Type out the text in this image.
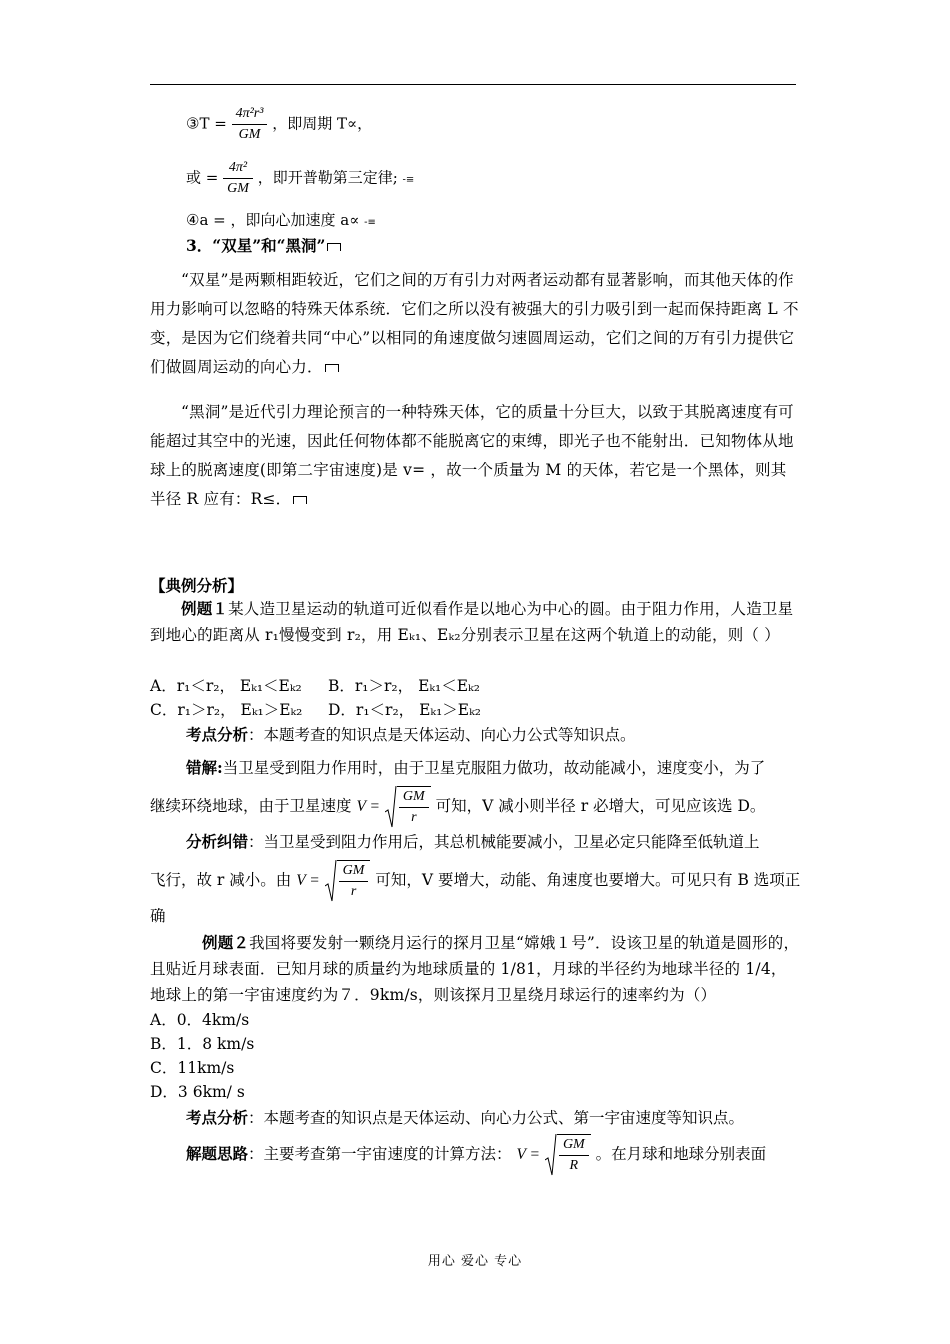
③T = $\frac{\text{4π²r³}}{GM}$ ，即周期 T∝，
或 = $\frac{\text{4π²}}{GM}$ ，即开普勒第三定律; -≡
④a = ，即向心加速度 a∝ -≡
3．“双星”和“黑洞”
“双星”是两颗相距较近，它们之间的万有引力对两者运动都有显著影响，而其他天体的作用力影响可以忽略的特殊天体系统．它们之所以没有被强大的引力吸引到一起而保持距离 L 不变，是因为它们绕着共同“中心”以相同的角速度做匀速圆周运动，它们之间的万有引力提供它们做圆周运动的向心力．
“黑洞”是近代引力理论预言的一种特殊天体，它的质量十分巨大，以致于其脱离速度有可能超过其空中的光速，因此任何物体都不能脱离它的束缚，即光子也不能射出．已知物体从地球上的脱离速度(即第二宇宙速度)是 v= ，故一个质量为 M 的天体，若它是一个黑体，则其半径 R 应有：R≤．
【典例分析】
例题１某人造卫星运动的轨道可近似看作是以地心为中心的圆。由于阻力作用，人造卫星到地心的距离从 r₁慢慢变到 r₂，用 Eₖ₁、Eₖ₂分别表示卫星在这两个轨道上的动能，则（ ）
A．r₁＜r₂， Eₖ₁＜Eₖ₂ B．r₁＞r₂， Eₖ₁＜Eₖ₂
C．r₁＞r₂， Eₖ₁＞Eₖ₂ D．r₁＜r₂， Eₖ₁＞Eₖ₂
考点分析：本题考查的知识点是天体运动、向心力公式等知识点。
错解:当卫星受到阻力作用时，由于卫星克服阻力做功，故动能减小，速度变小，为了
继续环绕地球，由于卫星速度 $V = \frac{GM}{r}$ 可知，V 减小则半径 r 必增大，可见应该选 D。
分析纠错：当卫星受到阻力作用后，其总机械能要减小，卫星必定只能降至低轨道上
飞行，故 r 减小。由 $V = \frac{GM}{r}$ 可知，V 要增大，动能、角速度也要增大。可见只有 B 选项正
确
例题２我国将要发射一颗绕月运行的探月卫星“嫦娥１号”．设该卫星的轨道是圆形的，且贴近月球表面．已知月球的质量约为地球质量的 1/81，月球的半径约为地球半径的 1/4，地球上的第一宇宙速度约为７．9km/s，则该探月卫星绕月球运行的速率约为（）
A．0．4km/s
B．1．8 km/s
C．11km/s
D．3 6km/ s
考点分析：本题考查的知识点是天体运动、向心力公式、第一宇宙速度等知识点。
解题思路：主要考查第一宇宙速度的计算方法： $V = \frac{GM}{R}$ 。在月球和地球分别表面
用心 爱心 专心
